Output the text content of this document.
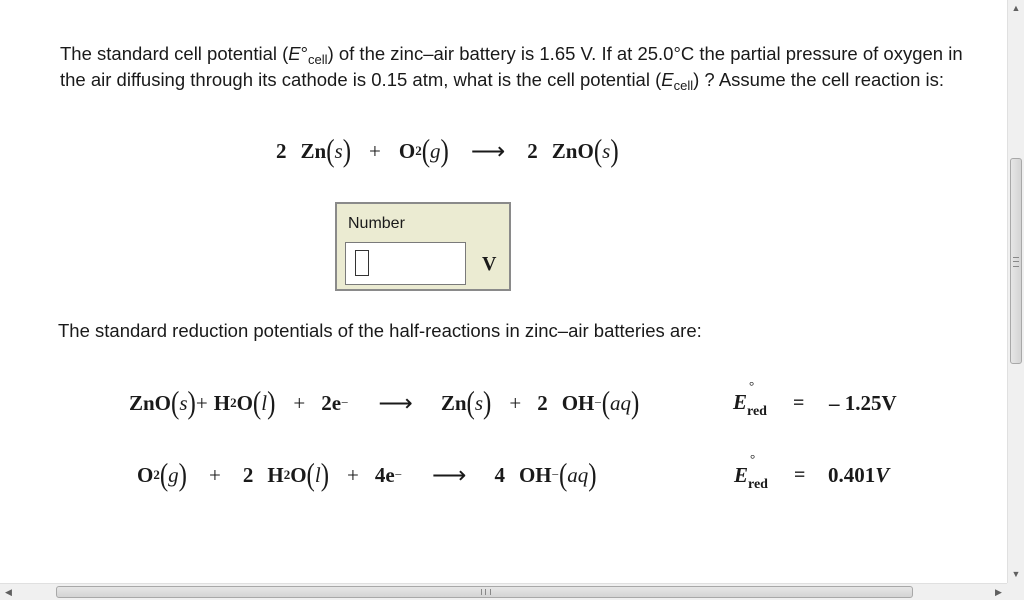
The standard cell potential $(E^\circ_{cell})$ of the zinc–air battery is 1.65 V. If at 25.0°C the partial pressure of oxygen in the air diffusing through its cathode is 0.15 atm, what is the cell potential $(E_{cell})$ ? Assume the cell reaction is:
2 Zn ( s ) + O 2 ( g ) ⟶ 2 ZnO ( s )
Number
V
The standard reduction potentials of the half-reactions in zinc–air batteries are:
ZnO ( s ) + H 2 O ( l ) + 2e − ⟶ Zn ( s ) + 2 OH − ( aq )	E
°
red = – 1.25V
O 2 ( g ) + 2 H 2 O ( l ) + 4e − ⟶ 4 OH − ( aq )	E
°
red = 0.401V
▲
▼
◀	▶
